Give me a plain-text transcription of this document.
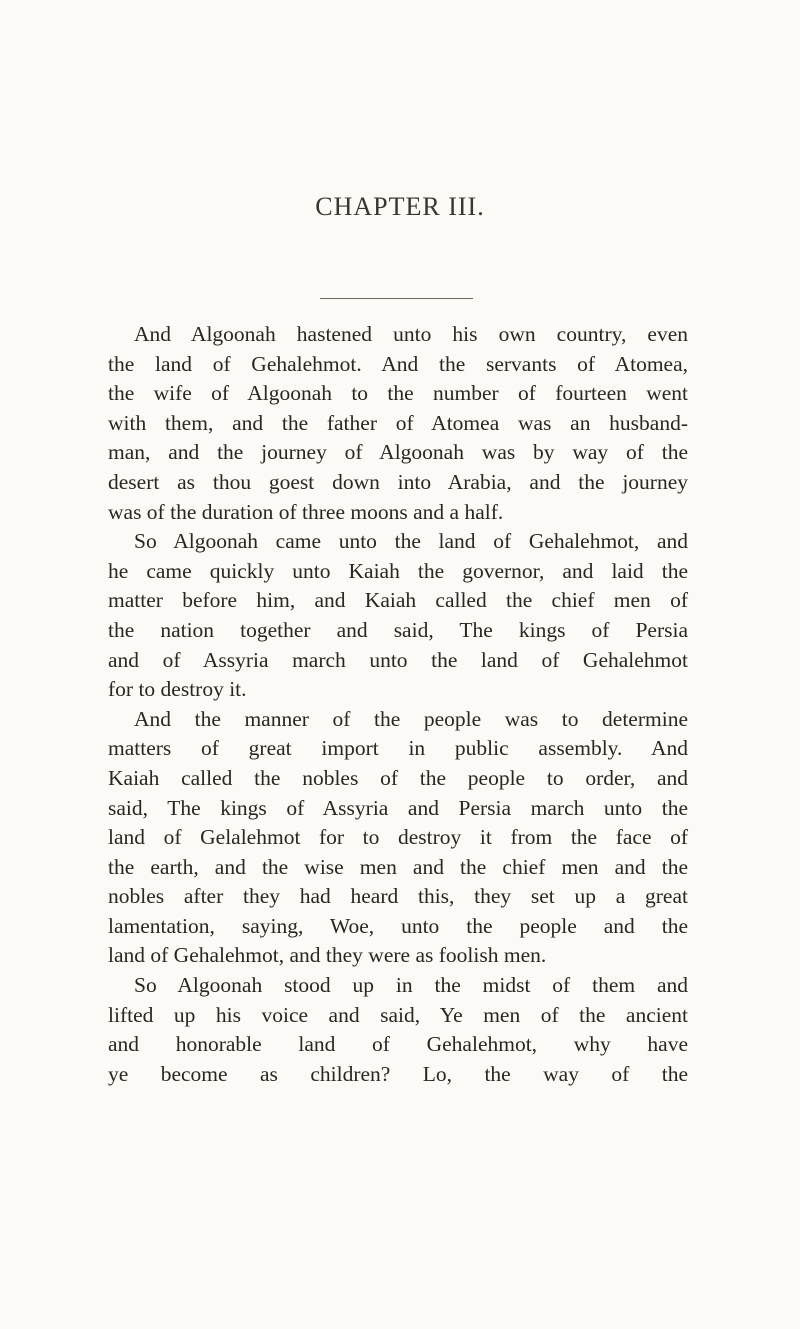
CHAPTER III.
And Algoonah hastened unto his own country, even
the land of Gehalehmot. And the servants of Atomea,
the wife of Algoonah to the number of fourteen went
with them, and the father of Atomea was an husband-
man, and the journey of Algoonah was by way of the
desert as thou goest down into Arabia, and the journey
was of the duration of three moons and a half.
So Algoonah came unto the land of Gehalehmot, and
he came quickly unto Kaiah the governor, and laid the
matter before him, and Kaiah called the chief men of
the nation together and said, The kings of Persia
and of Assyria march unto the land of Gehalehmot
for to destroy it.
And the manner of the people was to determine
matters of great import in public assembly. And
Kaiah called the nobles of the people to order, and
said, The kings of Assyria and Persia march unto the
land of Gelalehmot for to destroy it from the face of
the earth, and the wise men and the chief men and the
nobles after they had heard this, they set up a great
lamentation, saying, Woe, unto the people and the
land of Gehalehmot, and they were as foolish men.
So Algoonah stood up in the midst of them and
lifted up his voice and said, Ye men of the ancient
and honorable land of Gehalehmot, why have
ye become as children? Lo, the way of the
